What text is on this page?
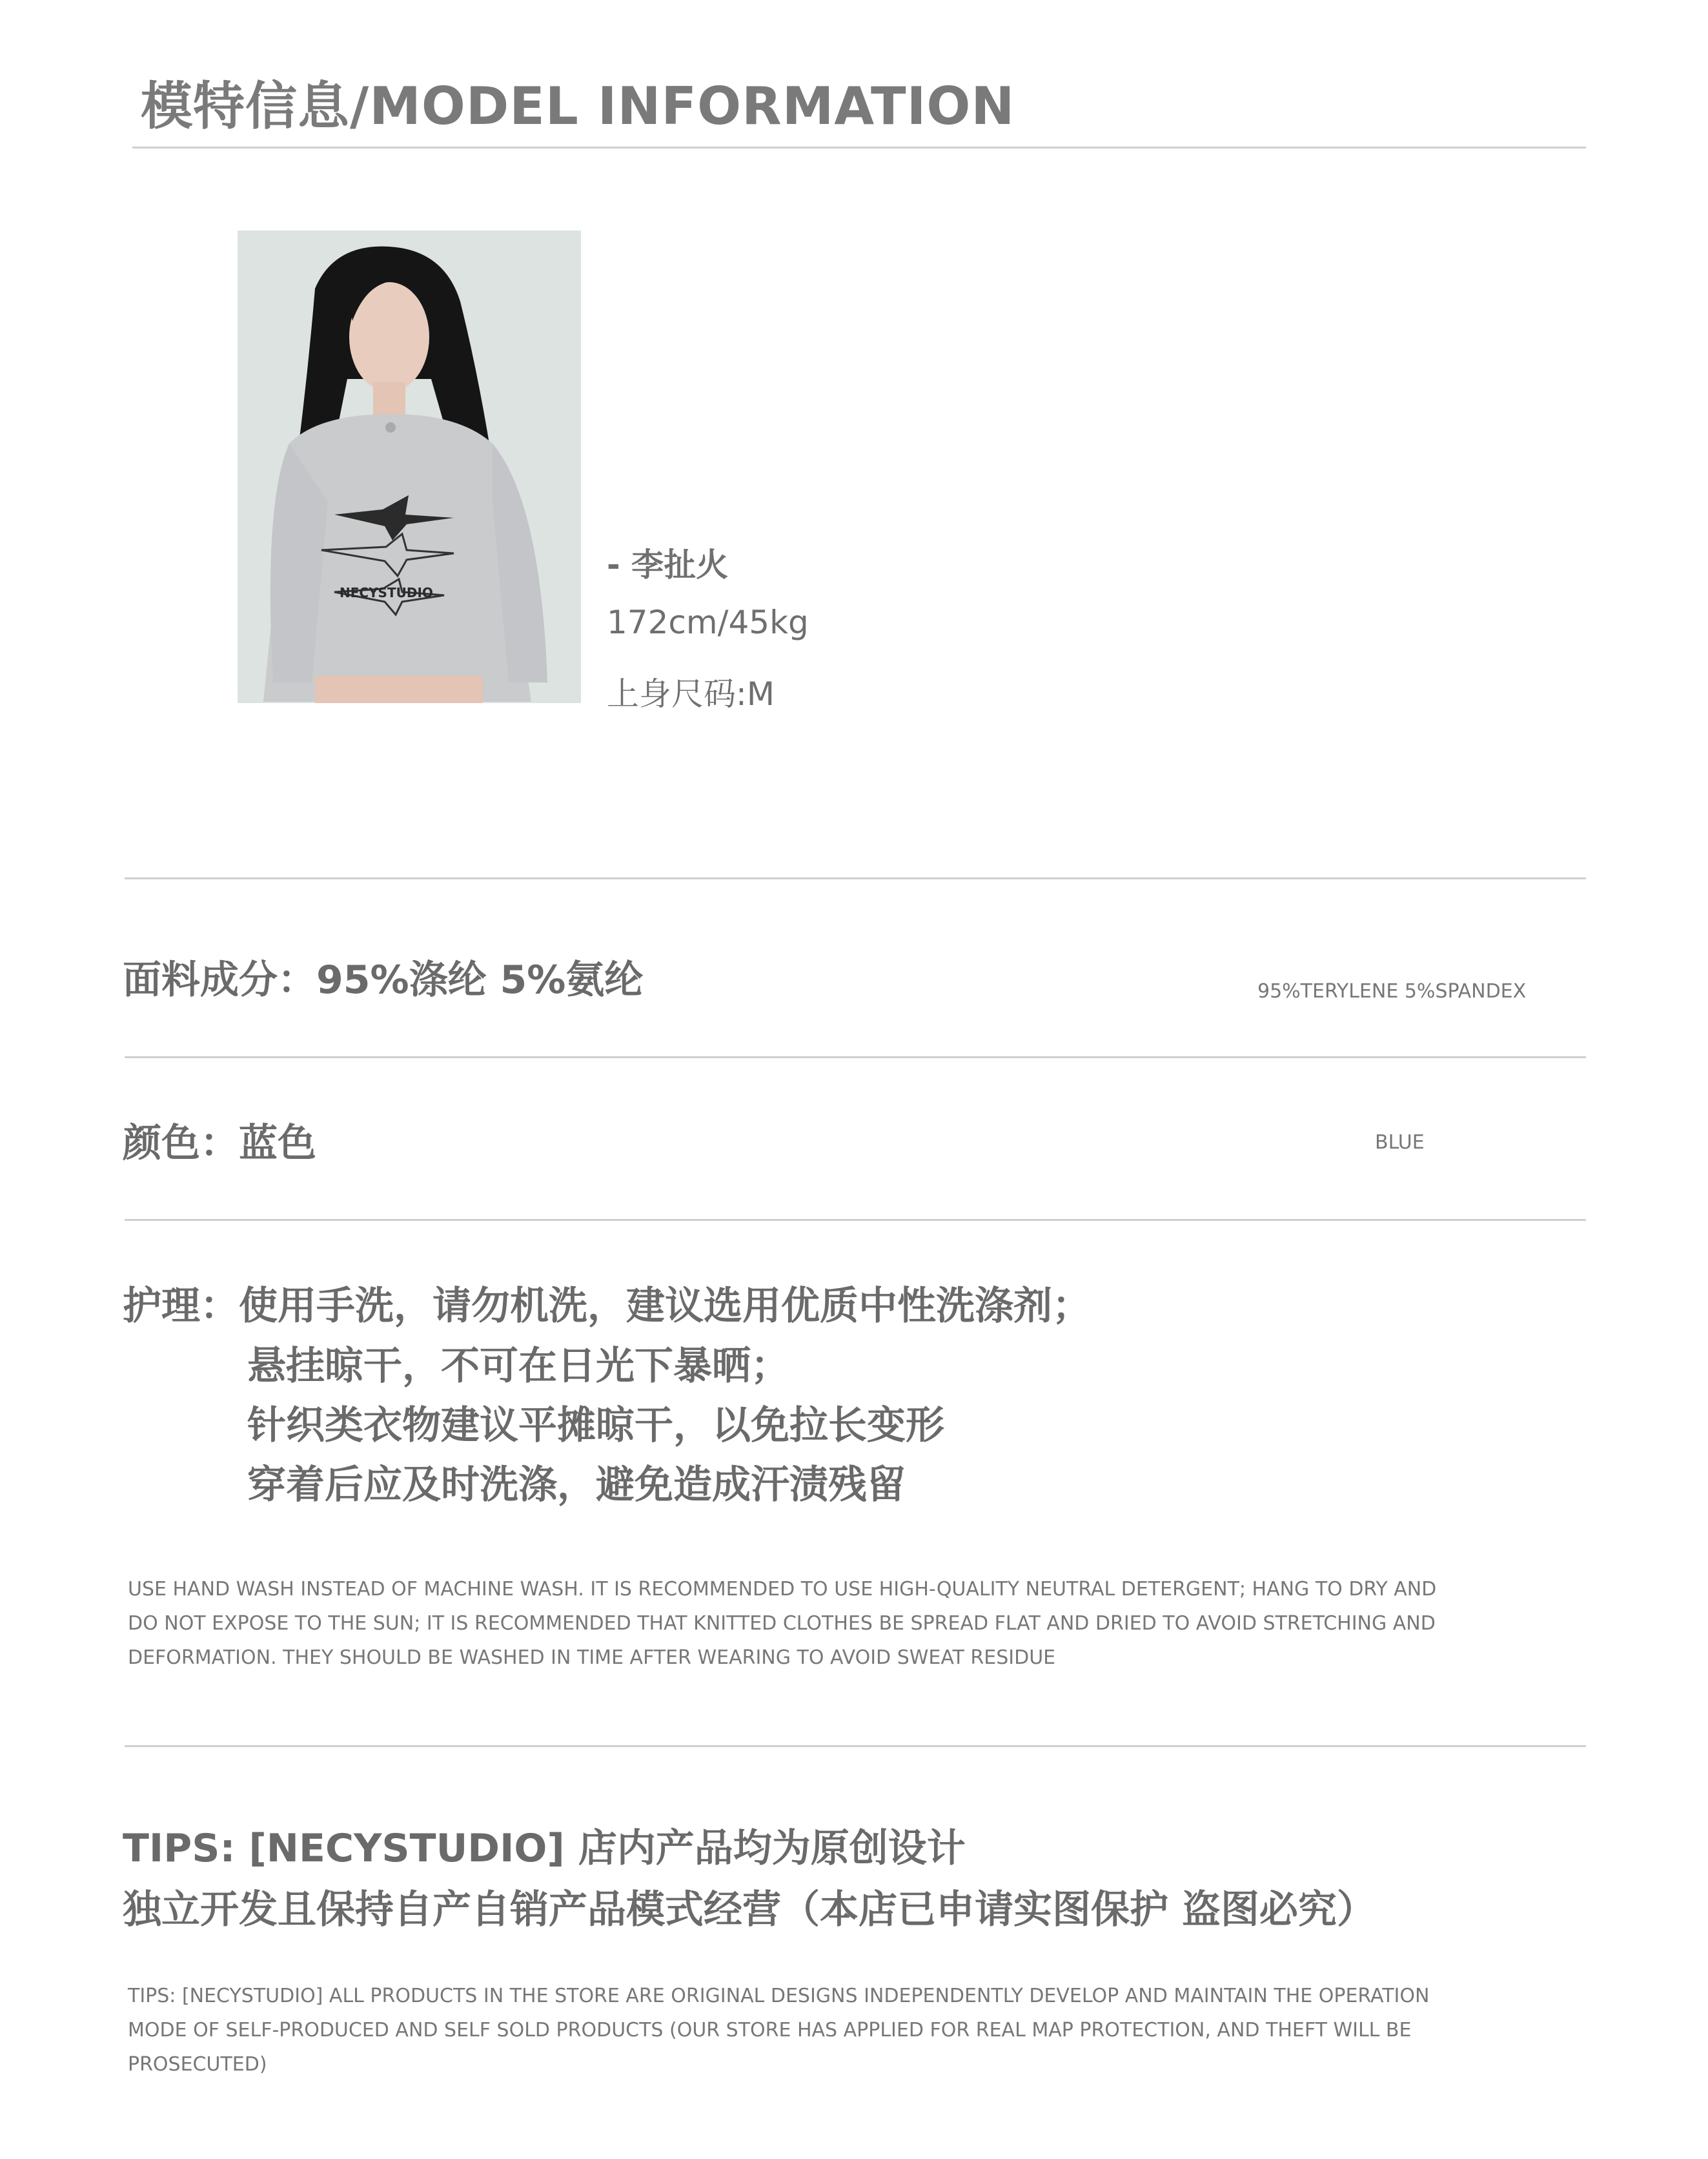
模特信息/MODEL INFORMATION
NECYSTUDIO
- 李扯火
172cm/45kg
上身尺码:M
面料成分：95%涤纶 5%氨纶	95%TERYLENE 5%SPANDEX
颜色：蓝色	BLUE
护理：使用手洗，请勿机洗，建议选用优质中性洗涤剂；
悬挂晾干，不可在日光下暴晒；
针织类衣物建议平摊晾干，以免拉长变形
穿着后应及时洗涤，避免造成汗渍残留
USE HAND WASH INSTEAD OF MACHINE WASH. IT IS RECOMMENDED TO USE HIGH-QUALITY NEUTRAL DETERGENT; HANG TO DRY AND
DO NOT EXPOSE TO THE SUN; IT IS RECOMMENDED THAT KNITTED CLOTHES BE SPREAD FLAT AND DRIED TO AVOID STRETCHING AND
DEFORMATION. THEY SHOULD BE WASHED IN TIME AFTER WEARING TO AVOID SWEAT RESIDUE
TIPS: [NECYSTUDIO] 店内产品均为原创设计
独立开发且保持自产自销产品模式经营（本店已申请实图保护 盗图必究）
TIPS: [NECYSTUDIO] ALL PRODUCTS IN THE STORE ARE ORIGINAL DESIGNS INDEPENDENTLY DEVELOP AND MAINTAIN THE OPERATION
MODE OF SELF-PRODUCED AND SELF SOLD PRODUCTS (OUR STORE HAS APPLIED FOR REAL MAP PROTECTION, AND THEFT WILL BE
PROSECUTED)
